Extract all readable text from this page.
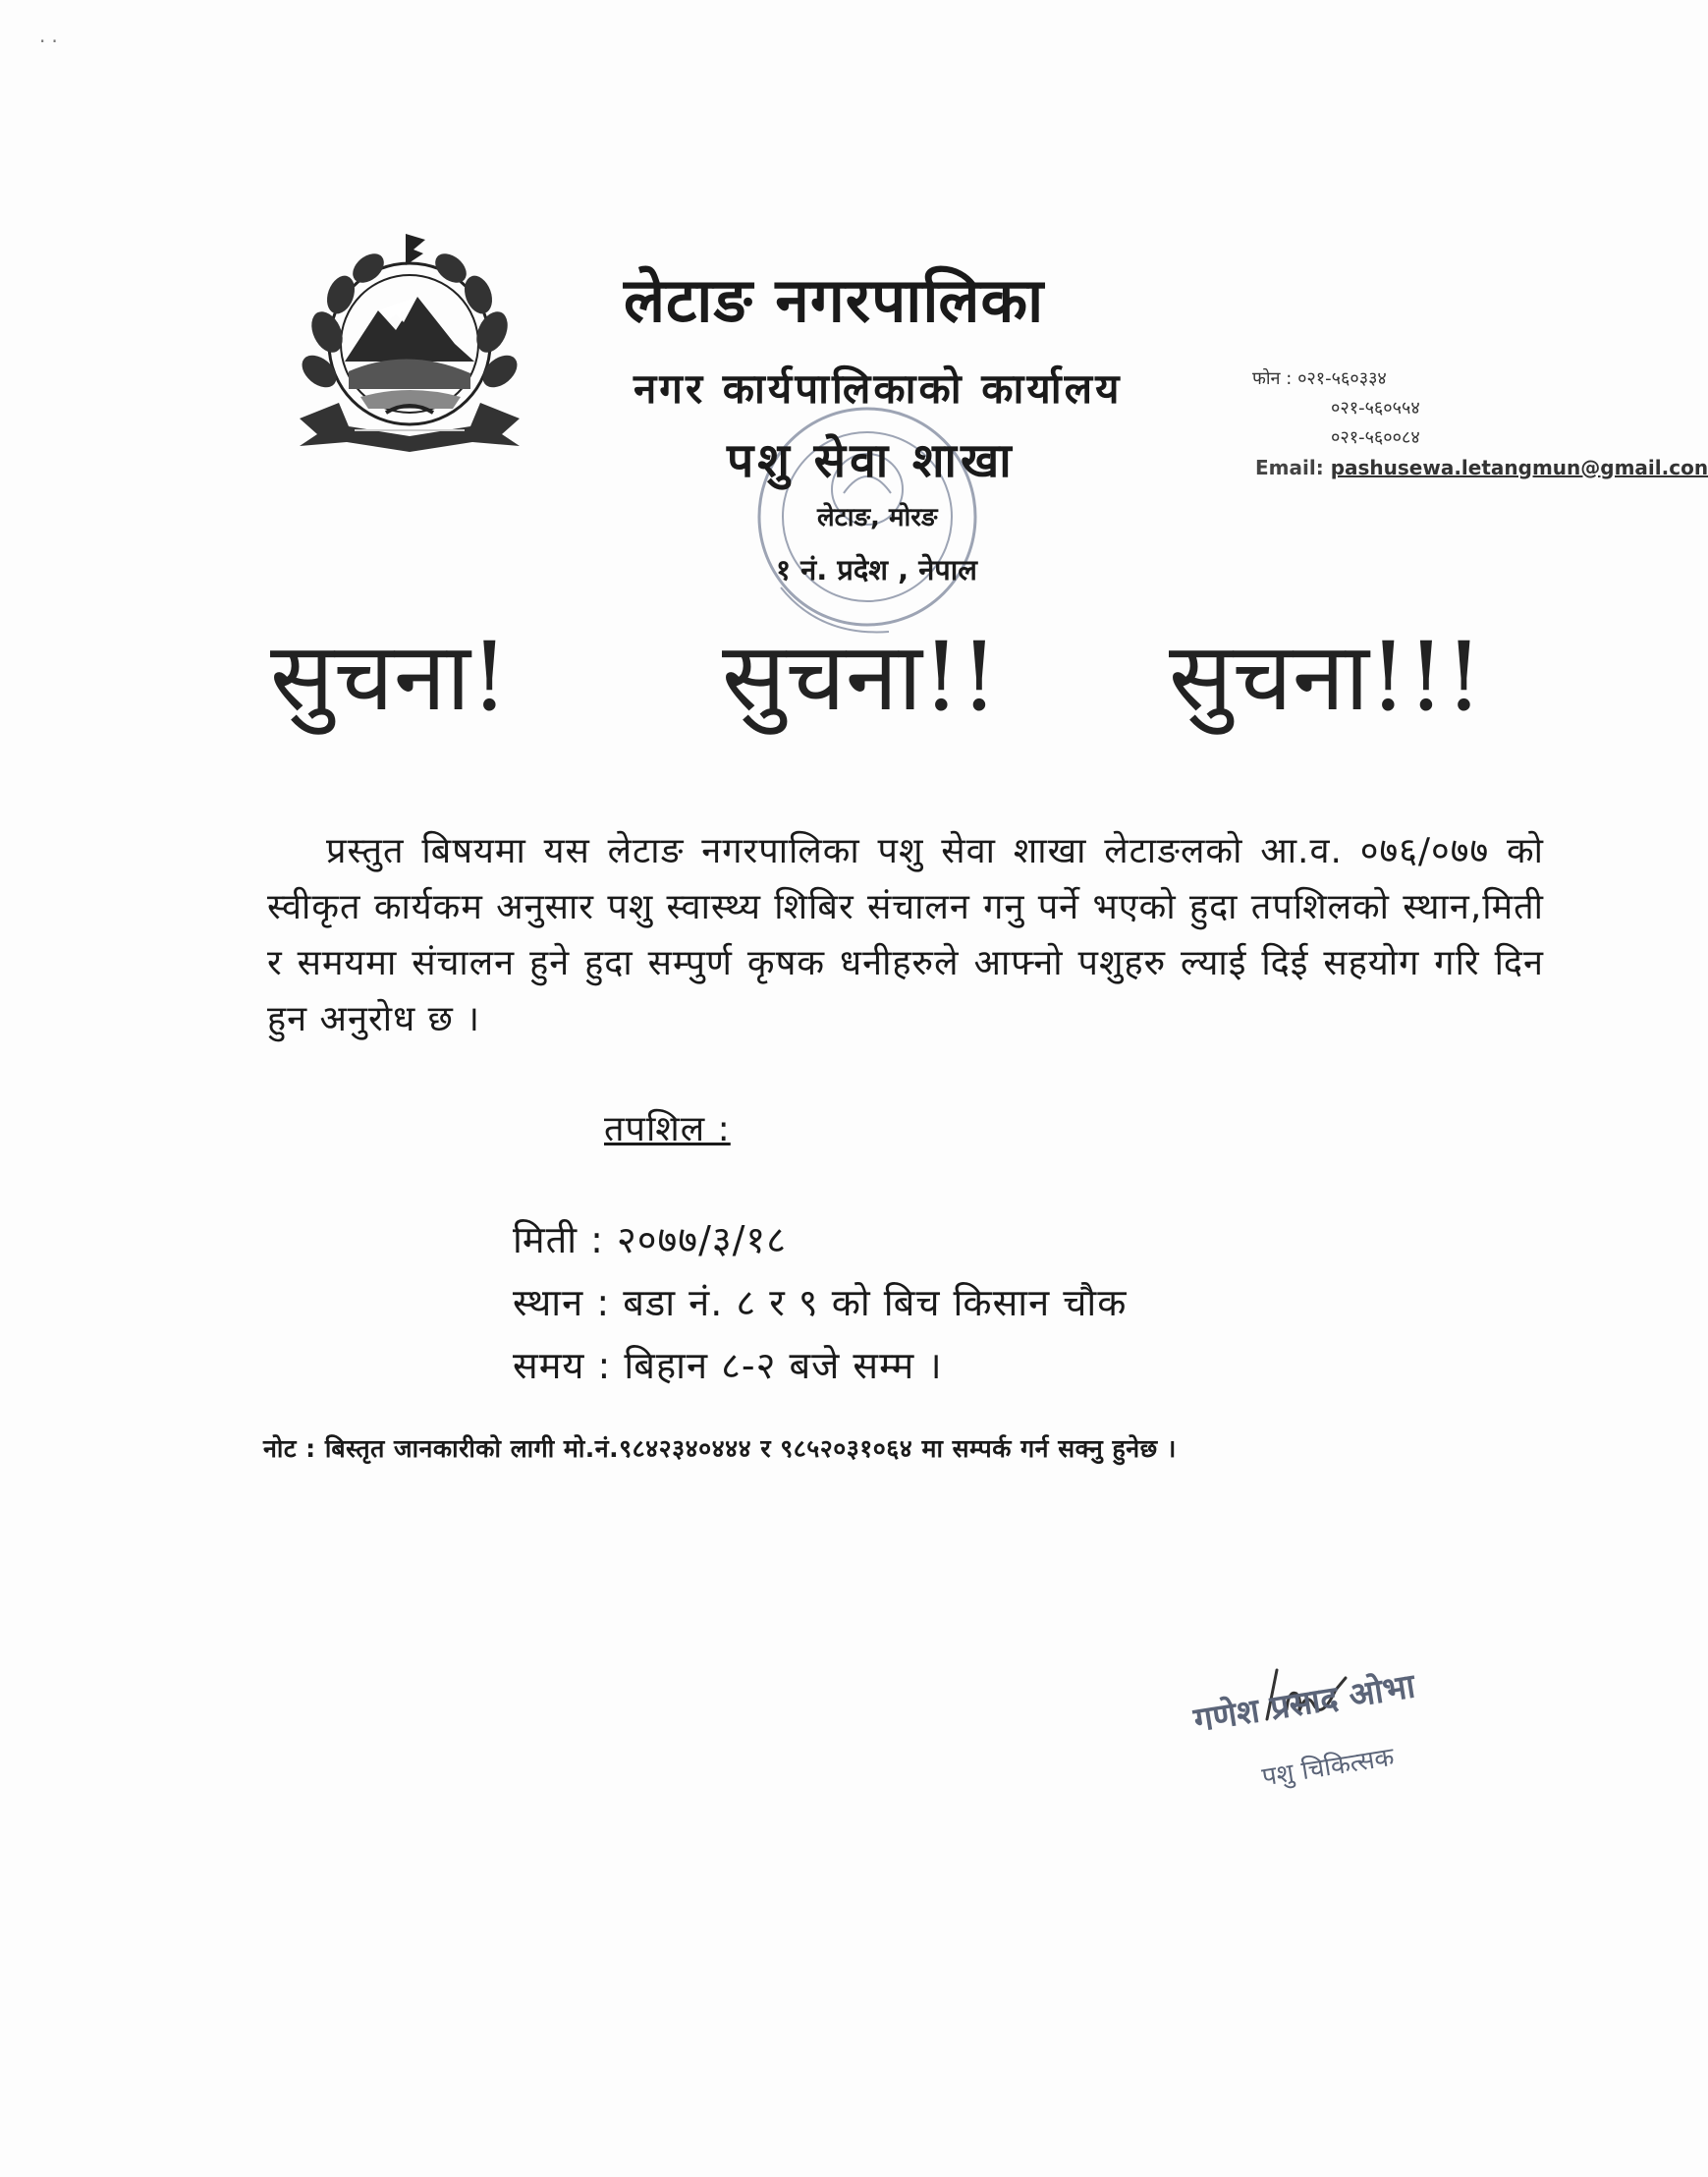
··
लेटाङ नगरपालिका
नगर कार्यपालिकाको कार्यालय
पशु सेवा शाखा
लेटाङ, मोरङ
१ नं. प्रदेश , नेपाल
फोन : ०२१-५६०३३४
०२१-५६०५५४
०२१-५६००८४
Email: pashusewa.letangmun@gmail.con
सुचना! सुचना!! सुचना!!!
प्रस्तुत बिषयमा यस लेटाङ नगरपालिका पशु सेवा शाखा लेटाङलको आ.व. ०७६/०७७ को स्वीकृत कार्यकम अनुसार पशु स्वास्थ्य शिबिर संचालन गनु पर्ने भएको हुदा तपशिलको स्थान,मिती र समयमा संचालन हुने हुदा सम्पुर्ण कृषक धनीहरुले आफ्नो पशुहरु ल्याई दिई सहयोग गरि दिन हुन अनुरोध छ ।
तपशिल :
मिती : २०७७/३/१८
स्थान : बडा नं. ८ र ९ को बिच किसान चौक
समय : बिहान ८-२ बजे सम्म ।
नोट : बिस्तृत जानकारीको लागी मो.नं.९८४२३४०४४४ र ९८५२०३१०६४ मा सम्पर्क गर्न सक्नु हुनेछ ।
गणेश प्रसाद ओभा
पशु चिकित्सक
